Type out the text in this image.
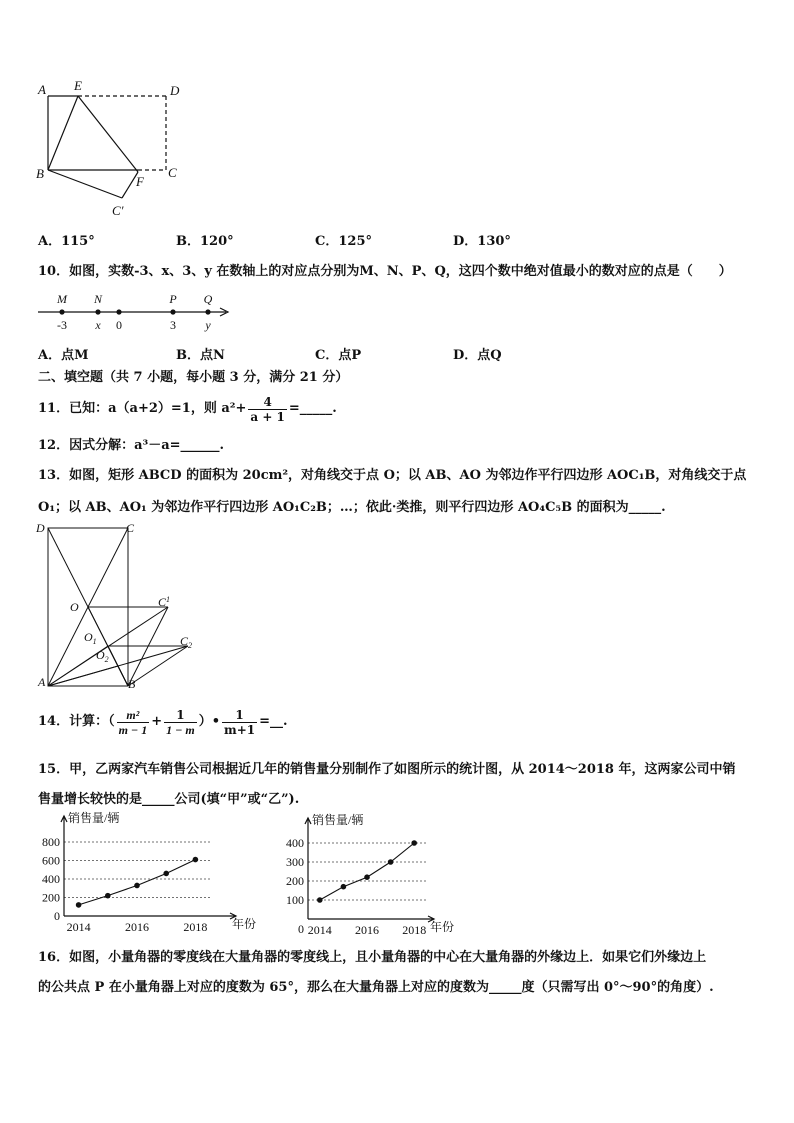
A E	D
B
F
C
C′
A．115°	B．120°	C．125°	D．130°
10．如图，实数-3、x、3、y 在数轴上的对应点分别为M、N、P、Q，这四个数中绝对值最小的数对应的点是（　　）
M N	P Q
-3 x 0	3 y
A．点M	B．点N	C．点P	D．点Q
二、填空题（共 7 小题，每小题 3 分，满分 21 分）
11．已知：a（a+2）=1，则 $a^2+ \frac{4}{a + 1}$ =_____.
12．因式分解：a³－a=______.
13．如图，矩形 ABCD 的面积为 20cm²，对角线交于点 O；以 AB、AO 为邻边作平行四边形 AOC₁B，对角线交于点
O₁；以 AB、AO₁ 为邻边作平行四边形 AO₁C₂B；…；依此·类推，则平行四边形 AO₄C₅B 的面积为_____.
D	C
O	$C^1$
$O_1$	$C_2$
$O_2$
A	B
14．计算：（ $\frac{\text{m²}}{m - 1} + \frac{1}{1 - m}$ ）• $\frac{1}{m+1}$ =__.
15．甲，乙两家汽车销售公司根据近几年的销售量分别制作了如图所示的统计图，从 2014～2018 年，这两家公司中销
售量增长较快的是_____公司(填“甲”或“乙”).
0
200
400
600
800
2014	2016	2018
销售量/辆
年份
100
200
300
400
0 2014 2016 2018
销售量/辆
年份
16．如图，小量角器的零度线在大量角器的零度线上，且小量角器的中心在大量角器的外缘边上．如果它们外缘边上
的公共点 P 在小量角器上对应的度数为 65°，那么在大量角器上对应的度数为_____度（只需写出 0°～90°的角度）.
